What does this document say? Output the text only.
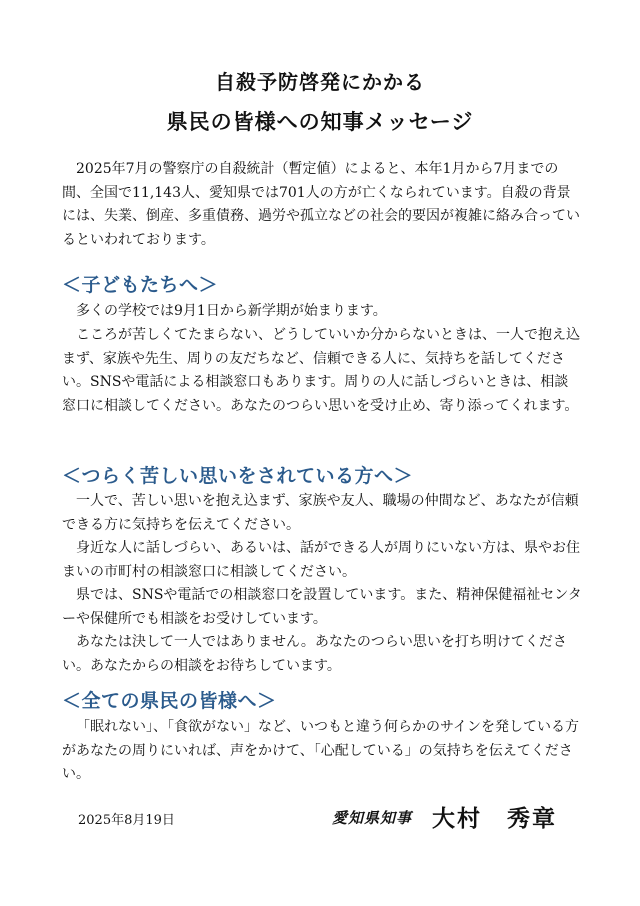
自殺予防啓発にかかる
県民の皆様への知事メッセージ

2025年7月の警察庁の自殺統計（暫定値）によると、本年1月から7月までの間、全国で11,143人、愛知県では701人の方が亡くなられています。自殺の背景には、失業、倒産、多重債務、過労や孤立などの社会的要因が複雑に絡み合っているといわれております。

＜子どもたちへ＞

多くの学校では9月1日から新学期が始まります。

こころが苦しくてたまらない、どうしていいか分からないときは、一人で抱え込まず、家族や先生、周りの友だちなど、信頼できる人に、気持ちを話してください。SNSや電話による相談窓口もあります。周りの人に話しづらいときは、相談窓口に相談してください。あなたのつらい思いを受け止め、寄り添ってくれます。

＜つらく苦しい思いをされている方へ＞

一人で、苦しい思いを抱え込まず、家族や友人、職場の仲間など、あなたが信頼できる方に気持ちを伝えてください。

身近な人に話しづらい、あるいは、話ができる人が周りにいない方は、県やお住まいの市町村の相談窓口に相談してください。

県では、SNSや電話での相談窓口を設置しています。また、精神保健福祉センターや保健所でも相談をお受けしています。

あなたは決して一人ではありません。あなたのつらい思いを打ち明けてください。あなたからの相談をお待ちしています。

＜全ての県民の皆様へ＞

「眠れない」、「食欲がない」など、いつもと違う何らかのサインを発している方があなたの周りにいれば、声をかけて、「心配している」の気持ちを伝えてください。

2025年8月19日	愛知県知事 大村　秀章
